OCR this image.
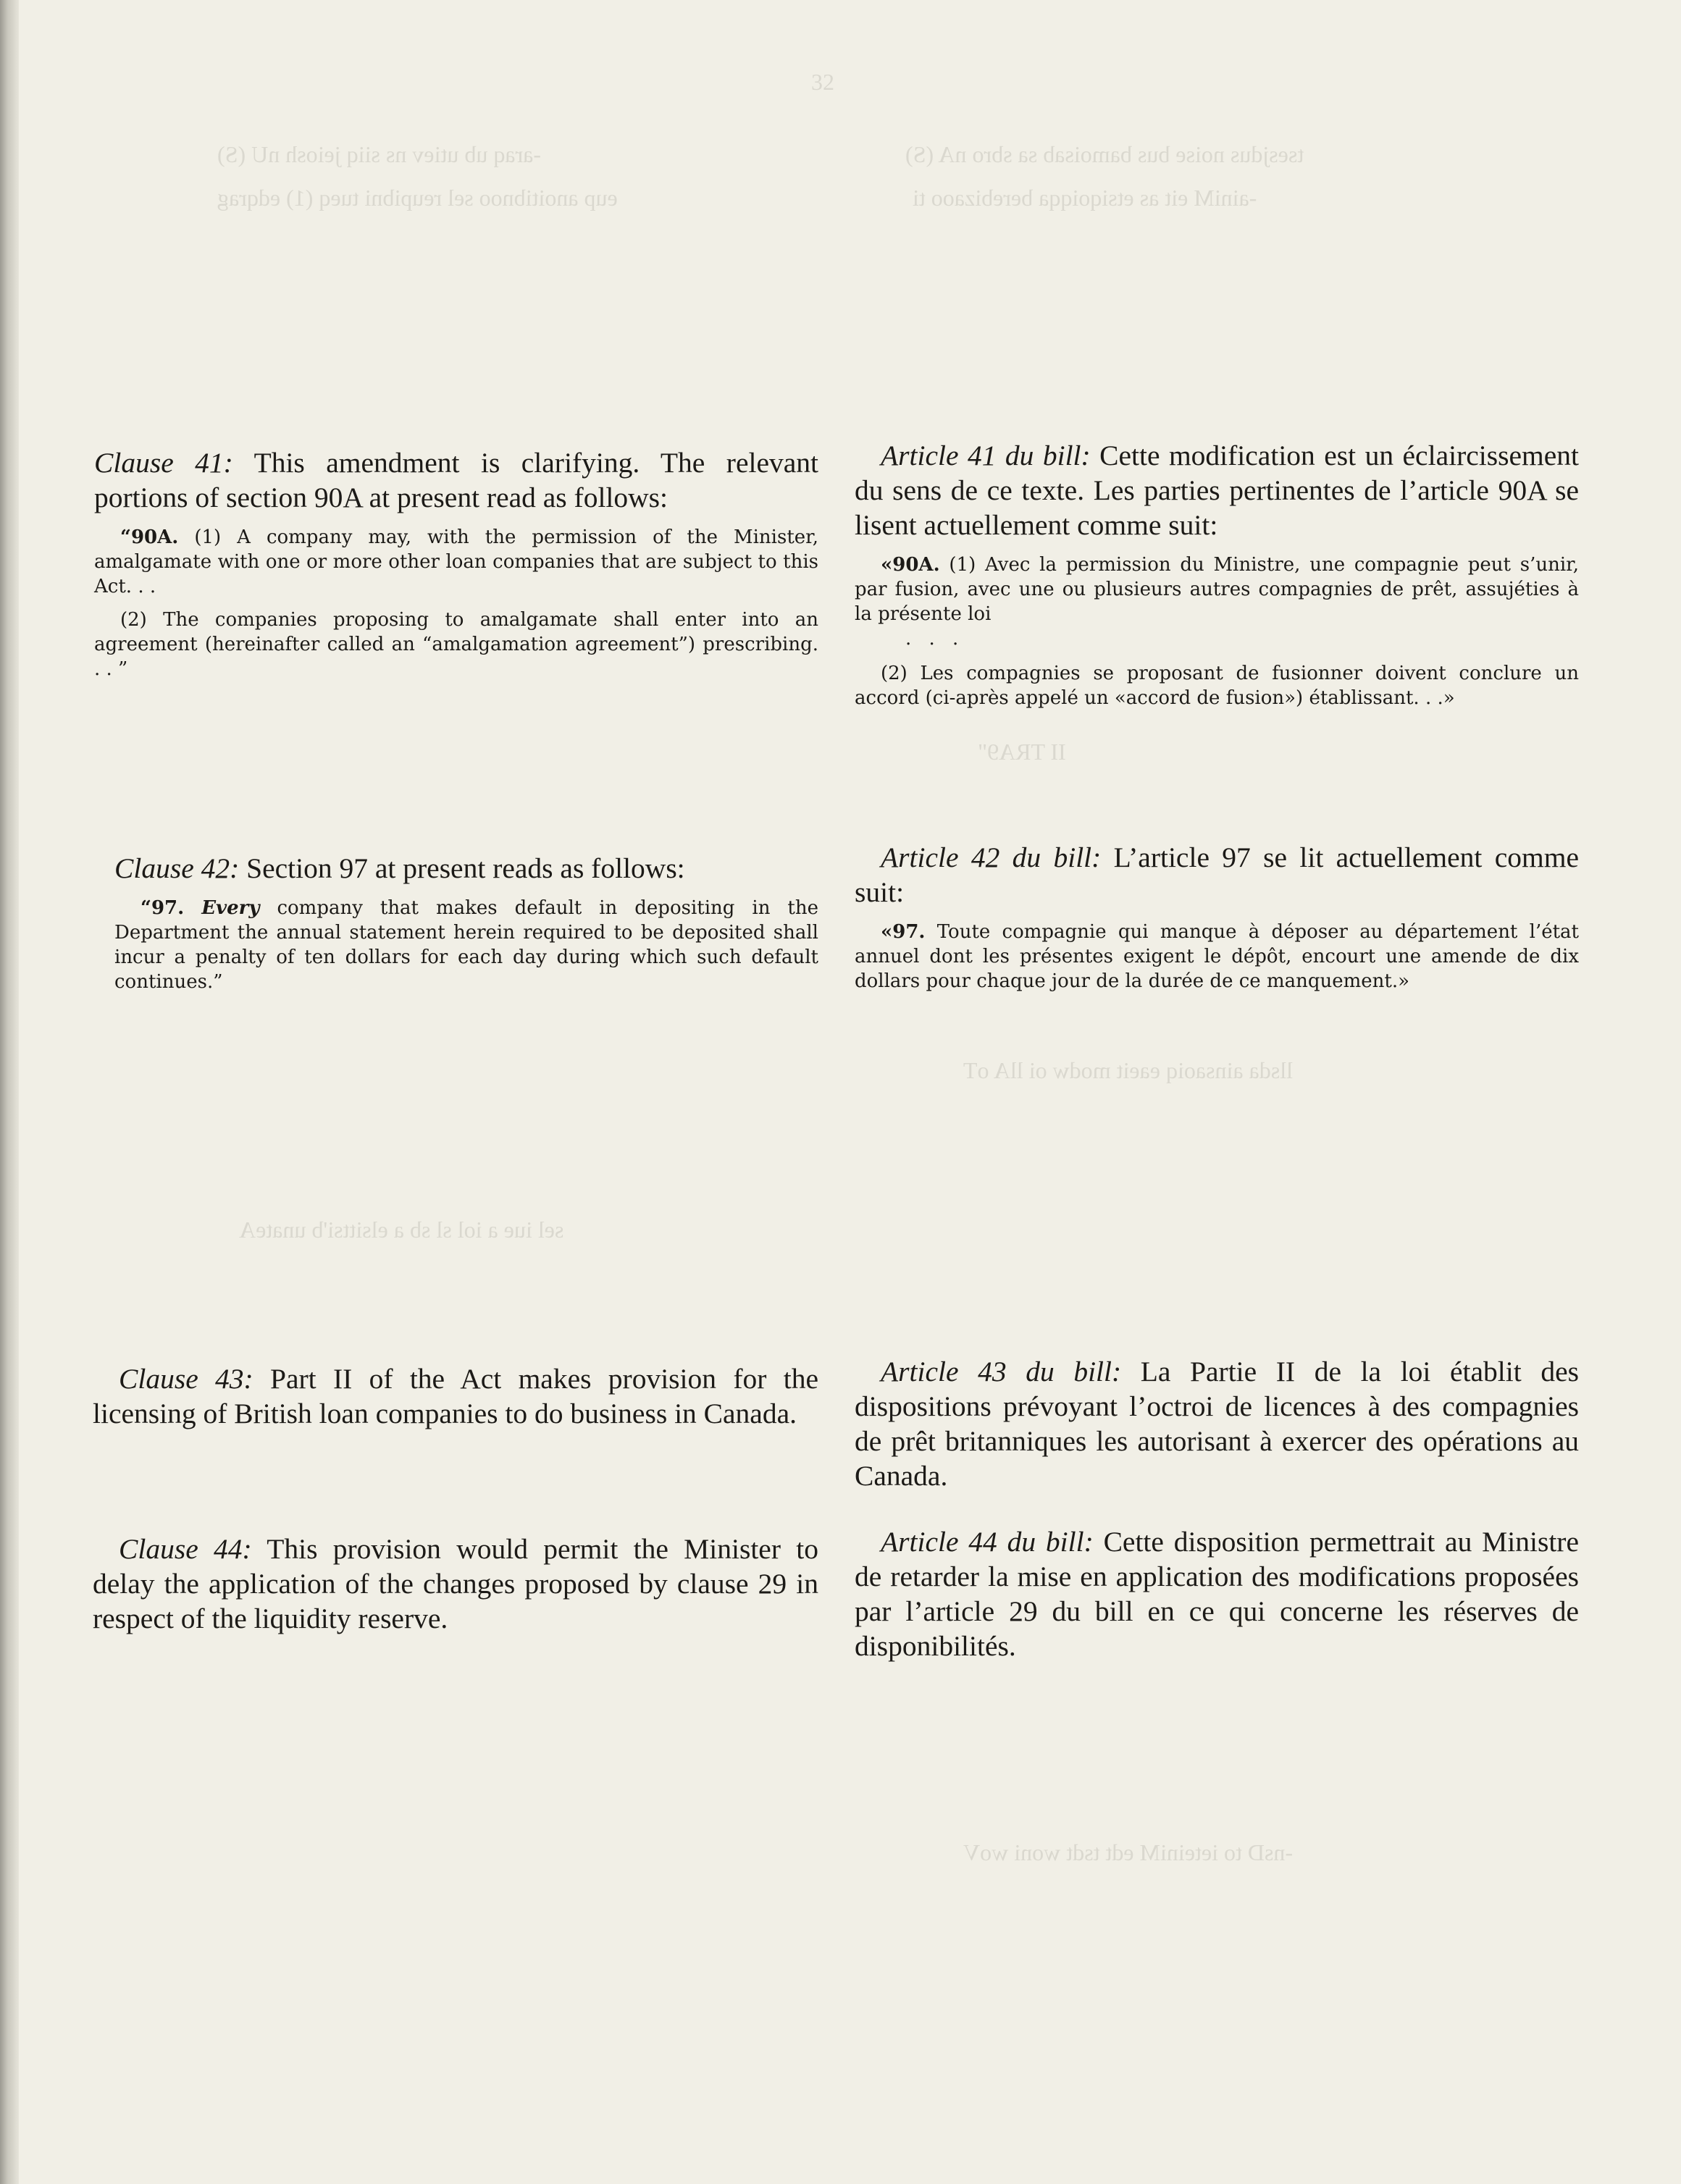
32
tsesjdus noise bus bamoisab sa sbro nA (S)
-ainiM eit as etsiqoiqqa berebizaoo ti
-araq ub utiev ns siiq jeiosh nU (S)
eup anoitibnoo sel reupibni tueq (1) edqrag
II TRA9"
llsda ainsaoiq eaeit modw oi llA oT
sel iue a iol sl sb a elsittsi'b unateA
-nsD to ieteiniM edt tsdt woni woV
Clause 41: This amendment is clarifying. The relevant portions of section 90A at present read as follows:

“90A. (1) A company may, with the permission of the Minister, amalgamate with one or more other loan companies that are subject to this Act. . .

(2) The companies proposing to amalgamate shall enter into an agreement (hereinafter called an “amalgamation agreement”) prescribing. . . ”

Clause 42: Section 97 at present reads as follows:

“97. Every company that makes default in depositing in the Department the annual statement herein required to be deposited shall incur a penalty of ten dollars for each day during which such default continues.”

Clause 43: Part II of the Act makes provision for the licensing of British loan companies to do business in Canada.
Clause 44: This provision would permit the Minister to delay the application of the changes proposed by clause 29 in respect of the liquidity reserve.
Article 41 du bill: Cette modification est un éclaircissement du sens de ce texte. Les parties pertinentes de l’article 90A se lisent actuellement comme suit:

«90A. (1) Avec la permission du Ministre, une compagnie peut s’unir, par fusion, avec une ou plusieurs autres compagnies de prêt, assujéties à la présente loi

. . .

(2) Les compagnies se proposant de fusionner doivent conclure un accord (ci-après appelé un «accord de fusion») établissant. . .»

Article 42 du bill: L’article 97 se lit actuellement comme suit:

«97. Toute compagnie qui manque à déposer au département l’état annuel dont les présentes exigent le dépôt, encourt une amende de dix dollars pour chaque jour de la durée de ce manquement.»

Article 43 du bill: La Partie II de la loi établit des dispositions prévoyant l’octroi de licences à des compagnies de prêt britanniques les autorisant à exercer des opérations au Canada.
Article 44 du bill: Cette disposition permettrait au Ministre de retarder la mise en application des modifications proposées par l’article 29 du bill en ce qui concerne les réserves de disponibilités.
